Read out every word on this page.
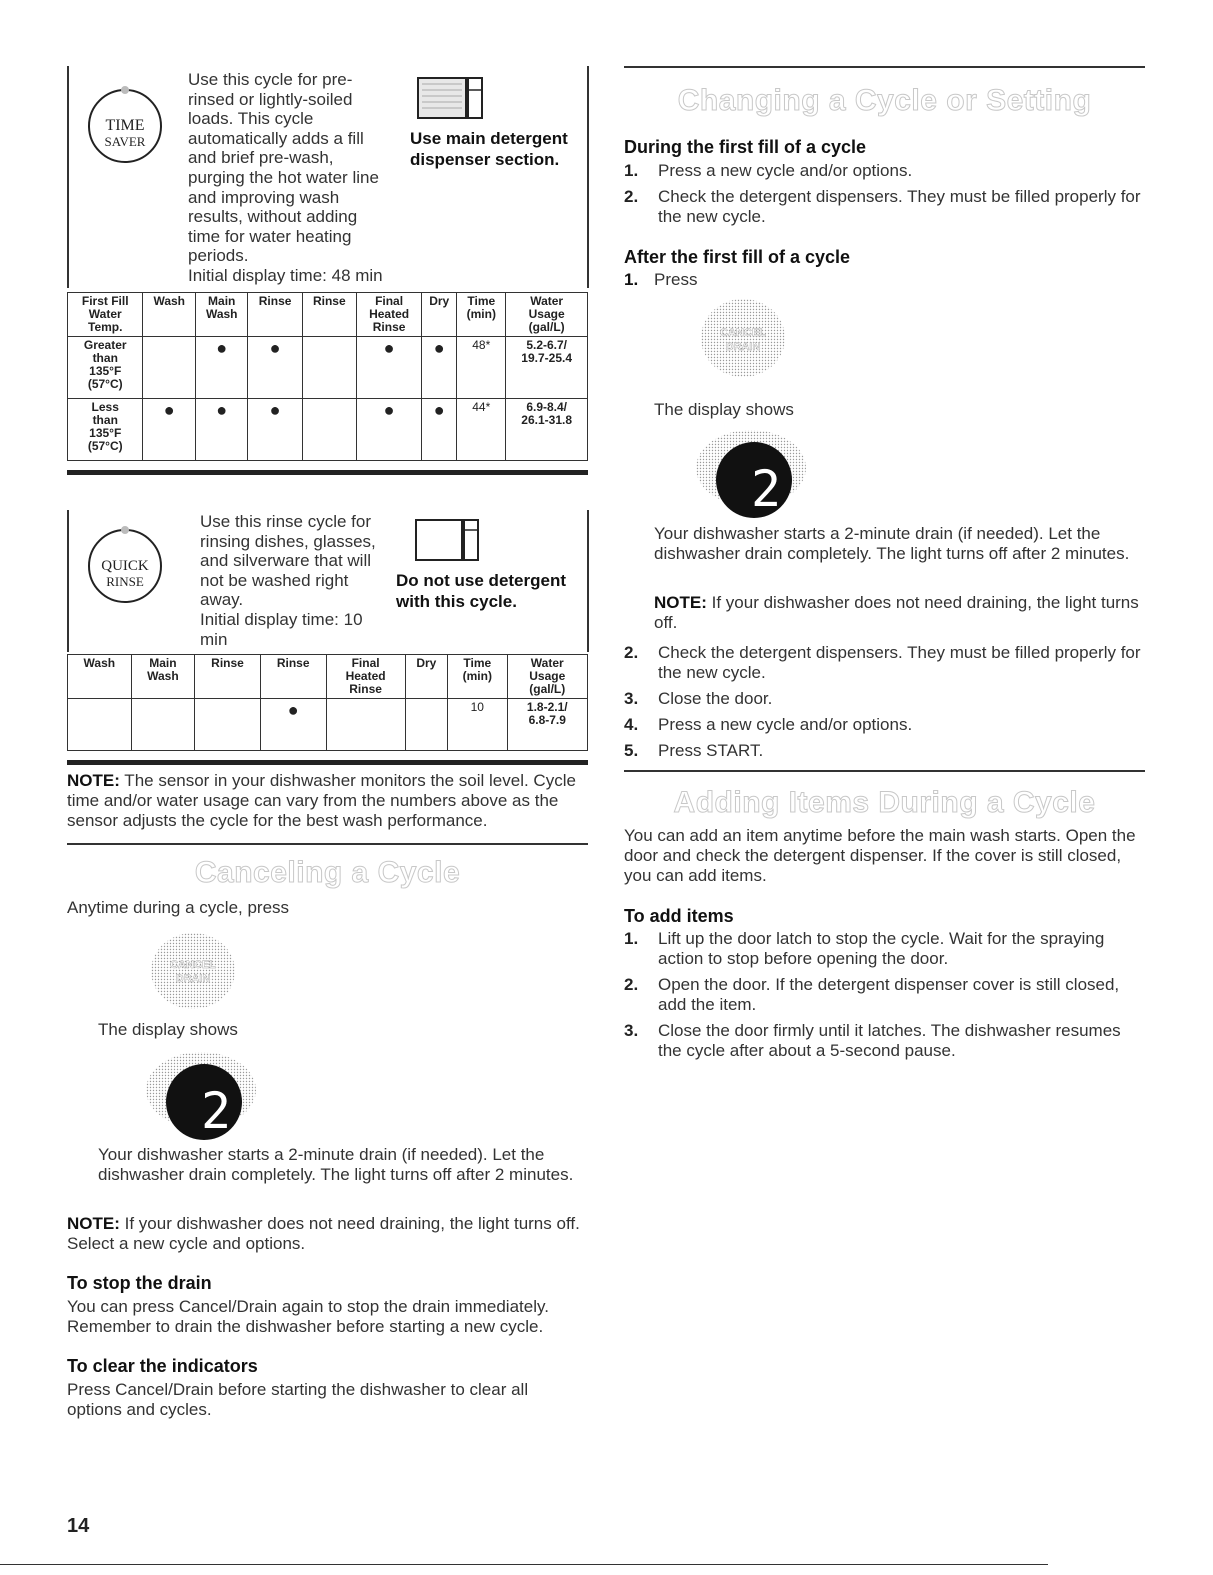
TIME
SAVER
Use this cycle for pre-
rinsed or lightly-soiled
loads. This cycle
automatically adds a fill
and brief pre-wash,
purging the hot water line
and improving wash
results, without adding
time for water heating
periods.
Initial display time: 48 min
Use main detergent
dispenser section.
First Fill
Water
Temp.	Wash	Main
Wash	Rinse	Rinse	Final
Heated
Rinse	Dry	Time
(min)	Water
Usage
(gal/L)
Greater
than
135°F
(57°C)		●	●		●	●	48*	5.2-6.7/
19.7-25.4
Less
than
135°F
(57°C)	●	●	●		●	●	44*	6.9-8.4/
26.1-31.8
QUICK
RINSE
Use this rinse cycle for
rinsing dishes, glasses,
and silverware that will
not be washed right
away.
Initial display time: 10
min
Do not use detergent
with this cycle.
Wash	Main
Wash	Rinse	Rinse	Final
Heated
Rinse	Dry	Time
(min)	Water
Usage
(gal/L)
			●			10	1.8-2.1/
6.8-7.9
NOTE: The sensor in your dishwasher monitors the soil level. Cycle time and/or water usage can vary from the numbers above as the sensor adjusts the cycle for the best wash performance.
Canceling a Cycle
Anytime during a cycle, press
CANCEL
DRAIN
The display shows
2
Your dishwasher starts a 2-minute drain (if needed). Let the dishwasher drain completely. The light turns off after 2 minutes.
NOTE: If your dishwasher does not need draining, the light turns off. Select a new cycle and options.
To stop the drain
You can press Cancel/Drain again to stop the drain immediately. Remember to drain the dishwasher before starting a new cycle.
To clear the indicators
Press Cancel/Drain before starting the dishwasher to clear all options and cycles.
14
Changing a Cycle or Setting
During the first fill of a cycle
1. Press a new cycle and/or options.
2. Check the detergent dispensers. They must be filled properly for the new cycle.
After the first fill of a cycle
1. Press
CANCEL
DRAIN
The display shows
2
Your dishwasher starts a 2-minute drain (if needed). Let the dishwasher drain completely. The light turns off after 2 minutes.
NOTE: If your dishwasher does not need draining, the light turns off.
2. Check the detergent dispensers. They must be filled properly for the new cycle.
3. Close the door.
4. Press a new cycle and/or options.
5. Press START.
Adding Items During a Cycle
You can add an item anytime before the main wash starts. Open the door and check the detergent dispenser. If the cover is still closed, you can add items.
To add items
1. Lift up the door latch to stop the cycle. Wait for the spraying action to stop before opening the door.
2. Open the door. If the detergent dispenser cover is still closed, add the item.
3. Close the door firmly until it latches. The dishwasher resumes the cycle after about a 5-second pause.
